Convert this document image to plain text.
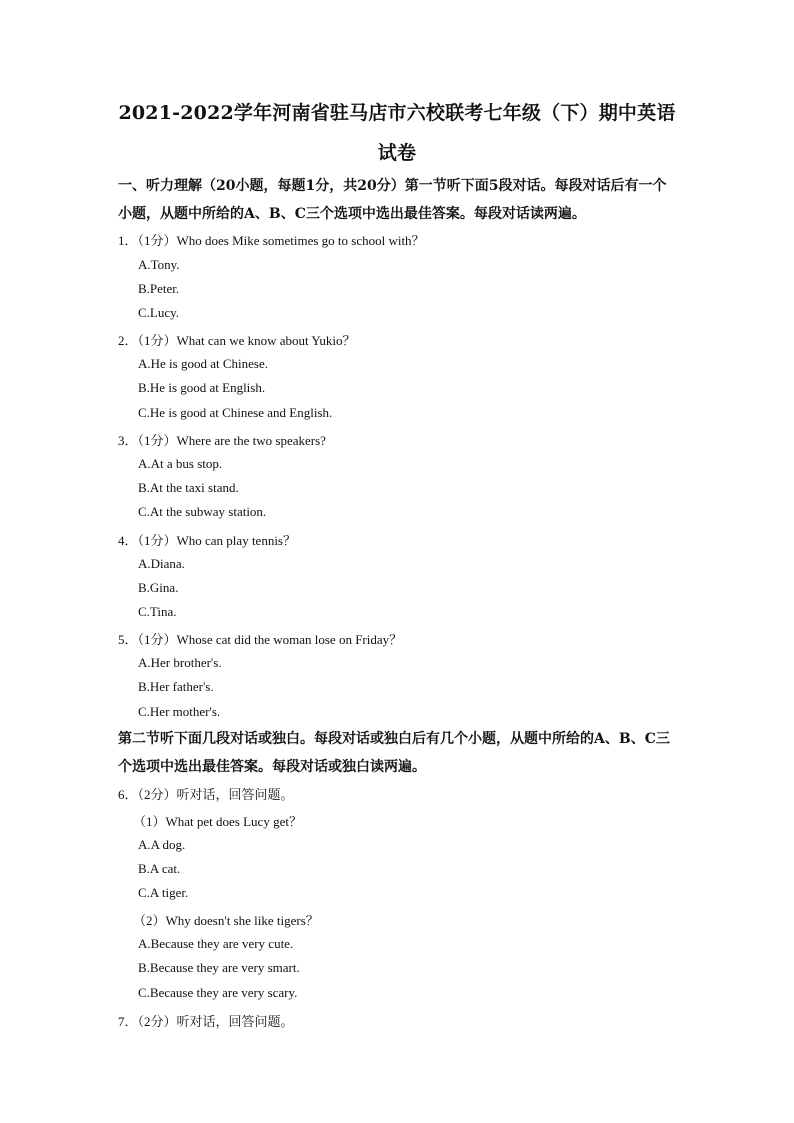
2021-2022学年河南省驻马店市六校联考七年级（下）期中英语
试卷
一、听力理解（20小题，每题1分，共20分）第一节听下面5段对话。每段对话后有一个
小题，从题中所给的A、B、C三个选项中选出最佳答案。每段对话读两遍。
1．（1分）Who does Mike sometimes go to school with？
A.Tony.
B.Peter.
C.Lucy.
2．（1分）What can we know about Yukio？
A.He is good at Chinese.
B.He is good at English.
C.He is good at Chinese and English.
3．（1分）Where are the two speakers?
A.At a bus stop.
B.At the taxi stand.
C.At the subway station.
4．（1分）Who can play tennis？
A.Diana.
B.Gina.
C.Tina.
5．（1分）Whose cat did the woman lose on Friday？
A.Her brother's.
B.Her father's.
C.Her mother's.
第二节听下面几段对话或独白。每段对话或独白后有几个小题，从题中所给的A、B、C三
个选项中选出最佳答案。每段对话或独白读两遍。
6．（2分）听对话，回答问题。
（1）What pet does Lucy get？
A.A dog.
B.A cat.
C.A tiger.
（2）Why doesn't she like tigers？
A.Because they are very cute.
B.Because they are very smart.
C.Because they are very scary.
7．（2分）听对话，回答问题。
